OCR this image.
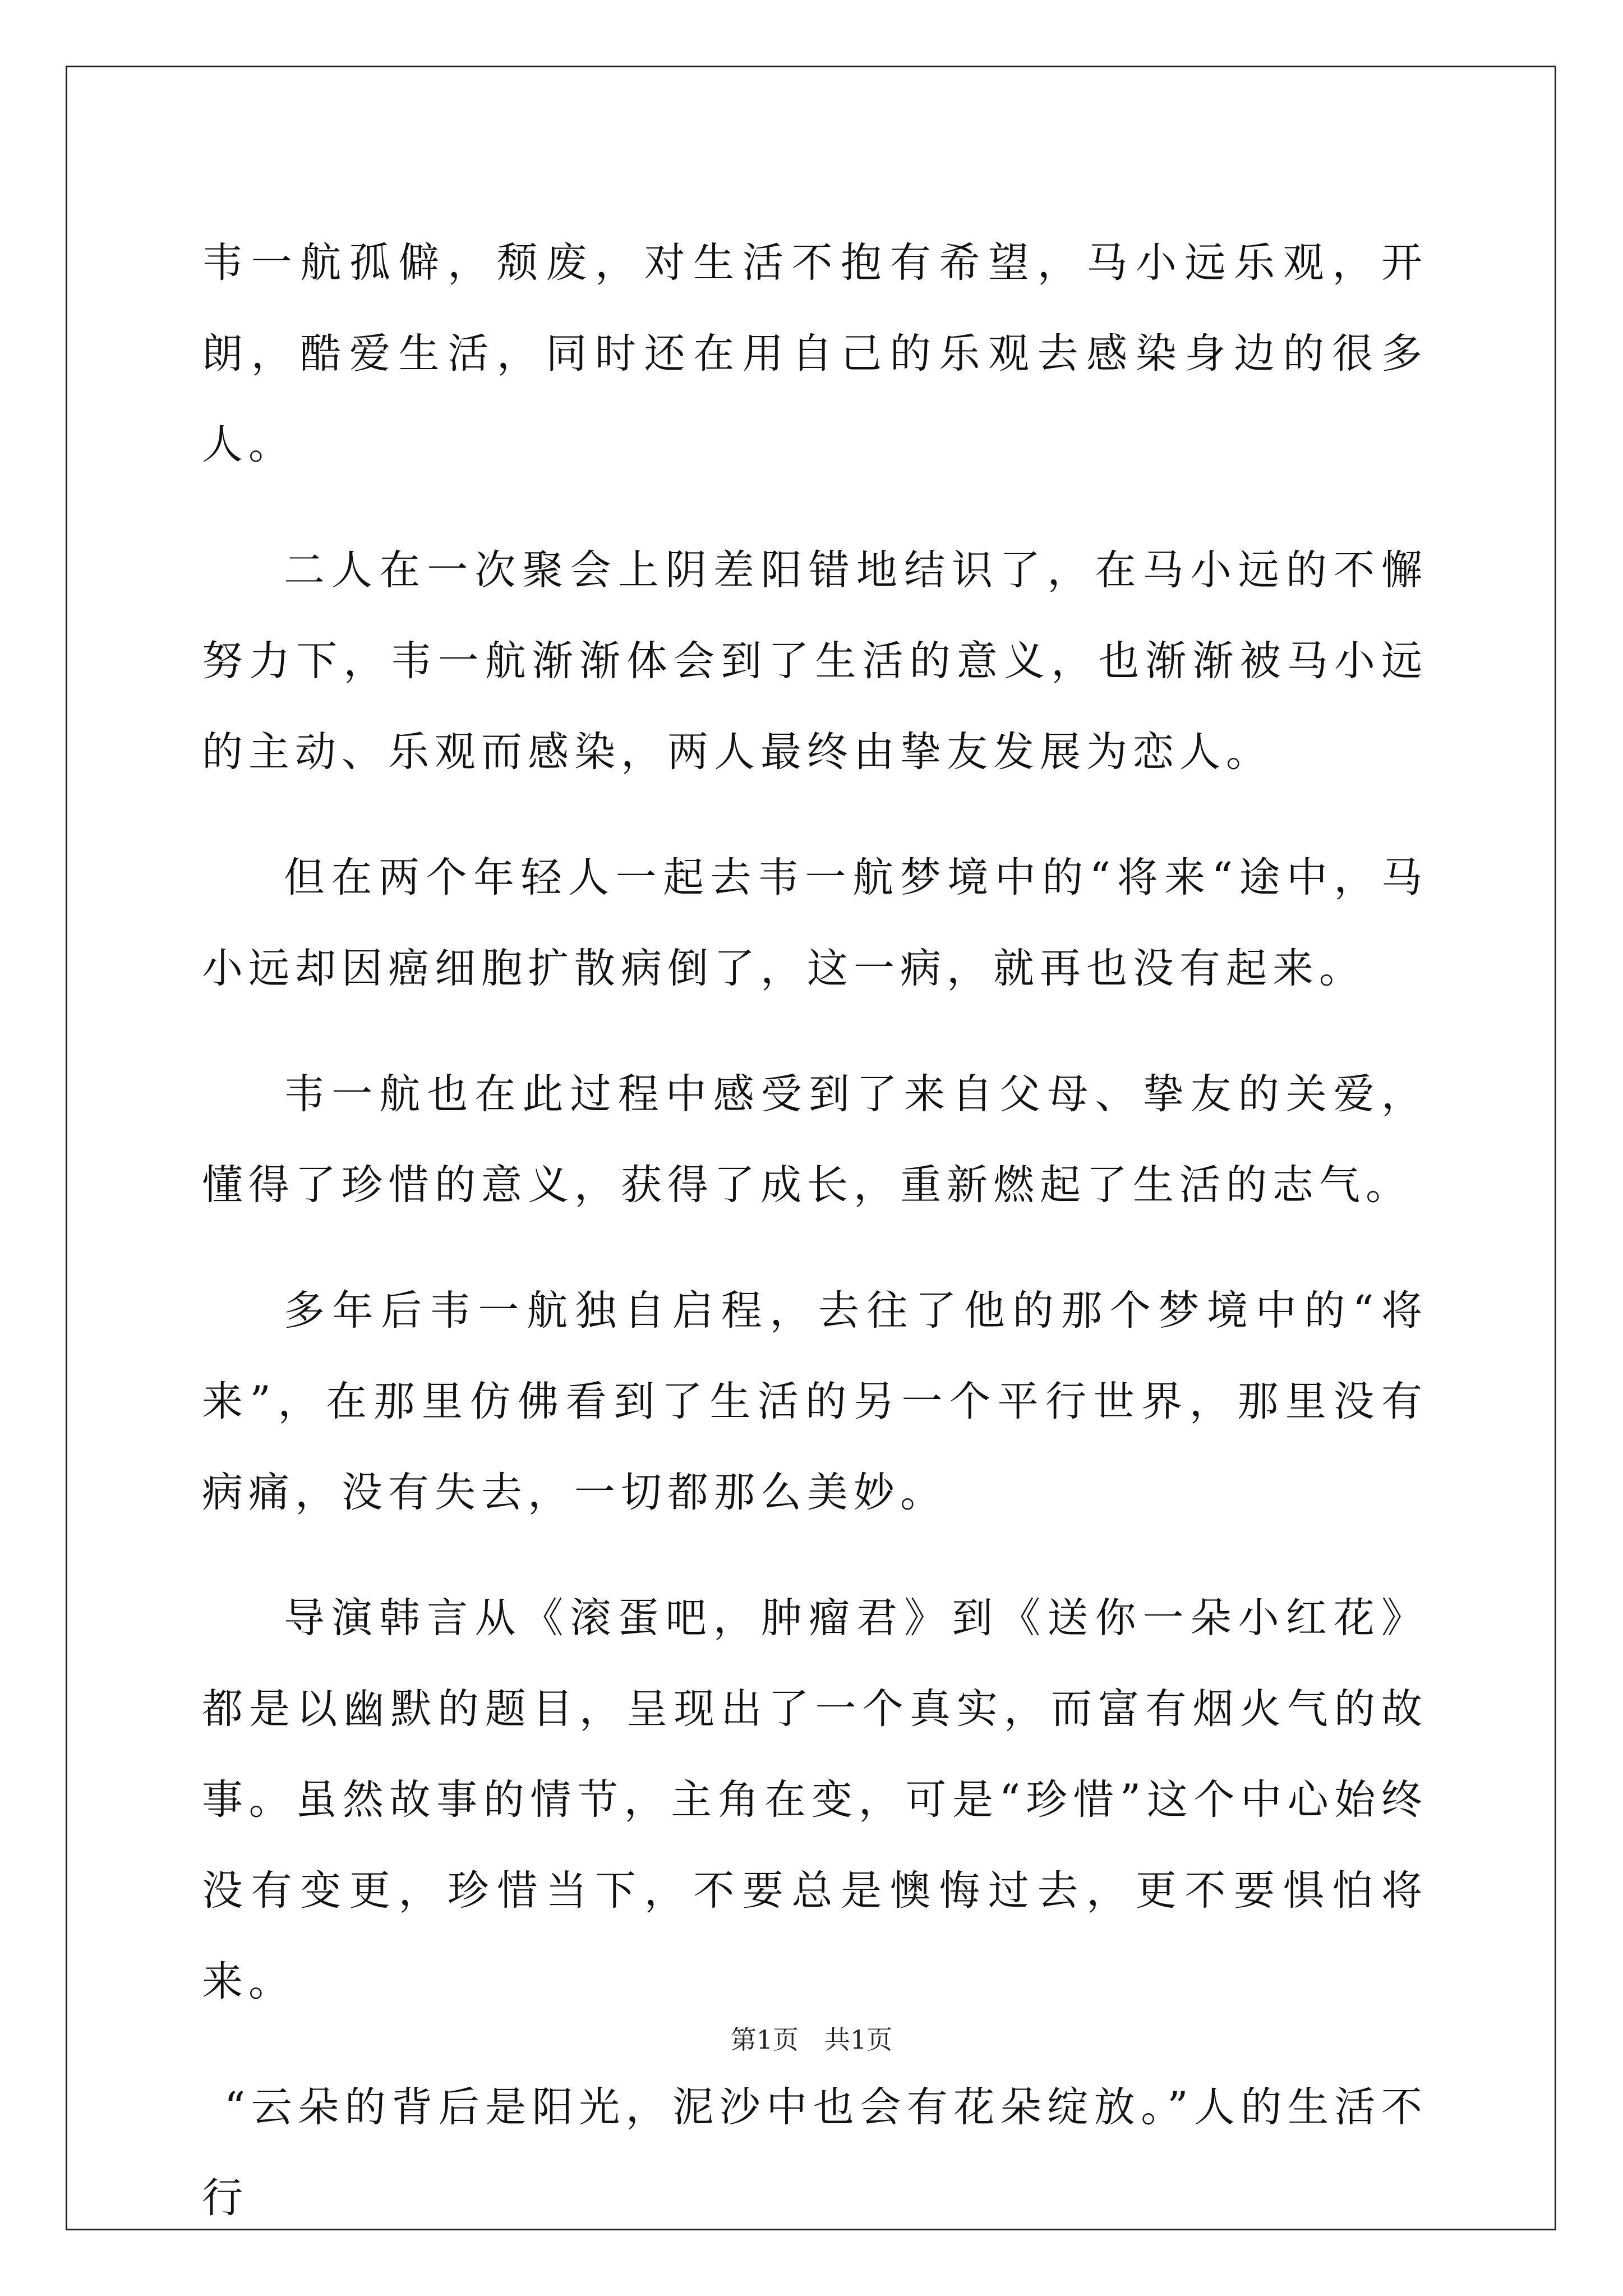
韦一航孤僻，颓废，对生活不抱有希望，马小远乐观，开朗，酷爱生活，同时还在用自己的乐观去感染身边的很多人。

二人在一次聚会上阴差阳错地结识了，在马小远的不懈努力下，韦一航渐渐体会到了生活的意义，也渐渐被马小远的主动、乐观而感染，两人最终由挚友发展为恋人。

但在两个年轻人一起去韦一航梦境中的“将来“途中，马小远却因癌细胞扩散病倒了，这一病，就再也没有起来。

韦一航也在此过程中感受到了来自父母、挚友的关爱，懂得了珍惜的意义，获得了成长，重新燃起了生活的志气。

多年后韦一航独自启程，去往了他的那个梦境中的“将来”，在那里仿佛看到了生活的另一个平行世界，那里没有病痛，没有失去，一切都那么美妙。

导演韩言从《滚蛋吧，肿瘤君》到《送你一朵小红花》都是以幽默的题目，呈现出了一个真实，而富有烟火气的故事。虽然故事的情节，主角在变，可是“珍惜”这个中心始终没有变更，珍惜当下，不要总是懊悔过去，更不要惧怕将来。

“云朵的背后是阳光，泥沙中也会有花朵绽放。”人的生活不行

第1页　共1页
